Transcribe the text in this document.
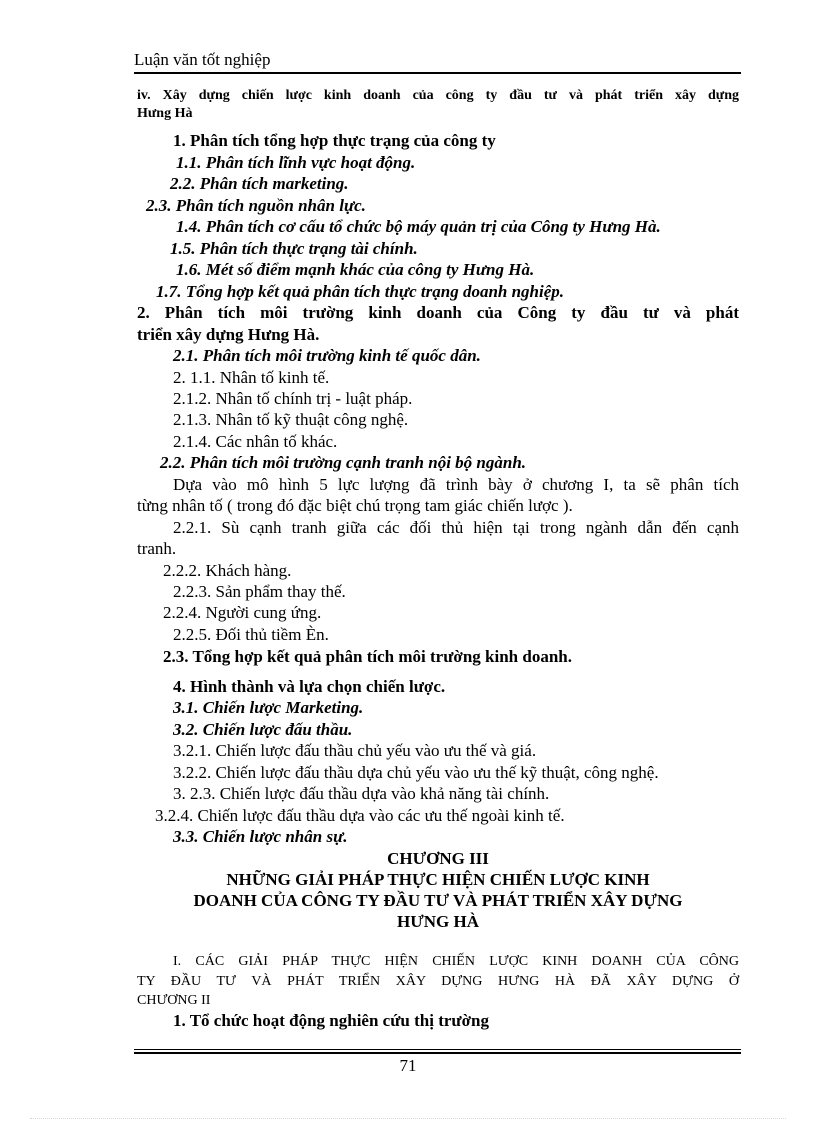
Luận văn tốt nghiệp
iv. Xây dựng chiến lược kinh doanh của công ty đầu tư và phát triển xây dựng
Hưng Hà
1. Phân tích tổng hợp thực trạng của công ty
1.1. Phân tích lĩnh vực hoạt động.
2.2. Phân tích marketing.
2.3. Phân tích nguồn nhân lực.
1.4. Phân tích cơ cấu tổ chức bộ máy quản trị của Công ty Hưng Hà.
1.5. Phân tích thực trạng tài chính.
1.6. Mét số điểm mạnh khác của công ty Hưng Hà.
1.7. Tổng hợp kết quả phân tích thực trạng doanh nghiệp.
2. Phân tích môi trường kinh doanh của Công ty đầu tư và phát
triển xây dựng Hưng Hà.
2.1. Phân tích môi trường kinh tế quốc dân.
2. 1.1. Nhân tố kinh tế.
2.1.2. Nhân tố chính trị - luật pháp.
2.1.3. Nhân tố kỹ thuật công nghệ.
2.1.4. Các nhân tố khác.
2.2. Phân tích môi trường cạnh tranh nội bộ ngành.
Dựa vào mô hình 5 lực lượng đã trình bày ở chương I, ta sẽ phân tích
từng nhân tố ( trong đó đặc biệt chú trọng tam giác chiến lược ).
2.2.1. Sù cạnh tranh giữa các đối thủ hiện tại trong ngành dẫn đến cạnh
tranh.
2.2.2. Khách hàng.
2.2.3. Sản phẩm thay thế.
2.2.4. Người cung ứng.
2.2.5. Đối thủ tiềm Èn.
2.3. Tổng hợp kết quả phân tích môi trường kinh doanh.
4. Hình thành và lựa chọn chiến lược.
3.1. Chiến lược Marketing.
3.2. Chiến lược đấu thầu.
3.2.1. Chiến lược đấu thầu chủ yếu vào ưu thế và giá.
3.2.2. Chiến lược đấu thầu dựa chủ yếu vào ưu thế kỹ thuật, công nghệ.
3. 2.3. Chiến lược đấu thầu dựa vào khả năng tài chính.
3.2.4. Chiến lược đấu thầu dựa vào các ưu thế ngoài kinh tế.
3.3. Chiến lược nhân sự.
CHƯƠNG III
NHỮNG GIẢI PHÁP THỰC HIỆN CHIẾN LƯỢC KINH
DOANH CỦA CÔNG TY ĐẦU TƯ VÀ PHÁT TRIỂN XÂY DỰNG
HƯNG HÀ
I. CÁC GIẢI PHÁP THỰC HIỆN CHIẾN LƯỢC KINH DOANH CỦA CÔNG
TY ĐẦU TƯ VÀ PHÁT TRIỂN XÂY DỰNG HƯNG HÀ ĐÃ XÂY DỰNG Ở
CHƯƠNG II
1. Tổ chức hoạt động nghiên cứu thị trường
71
